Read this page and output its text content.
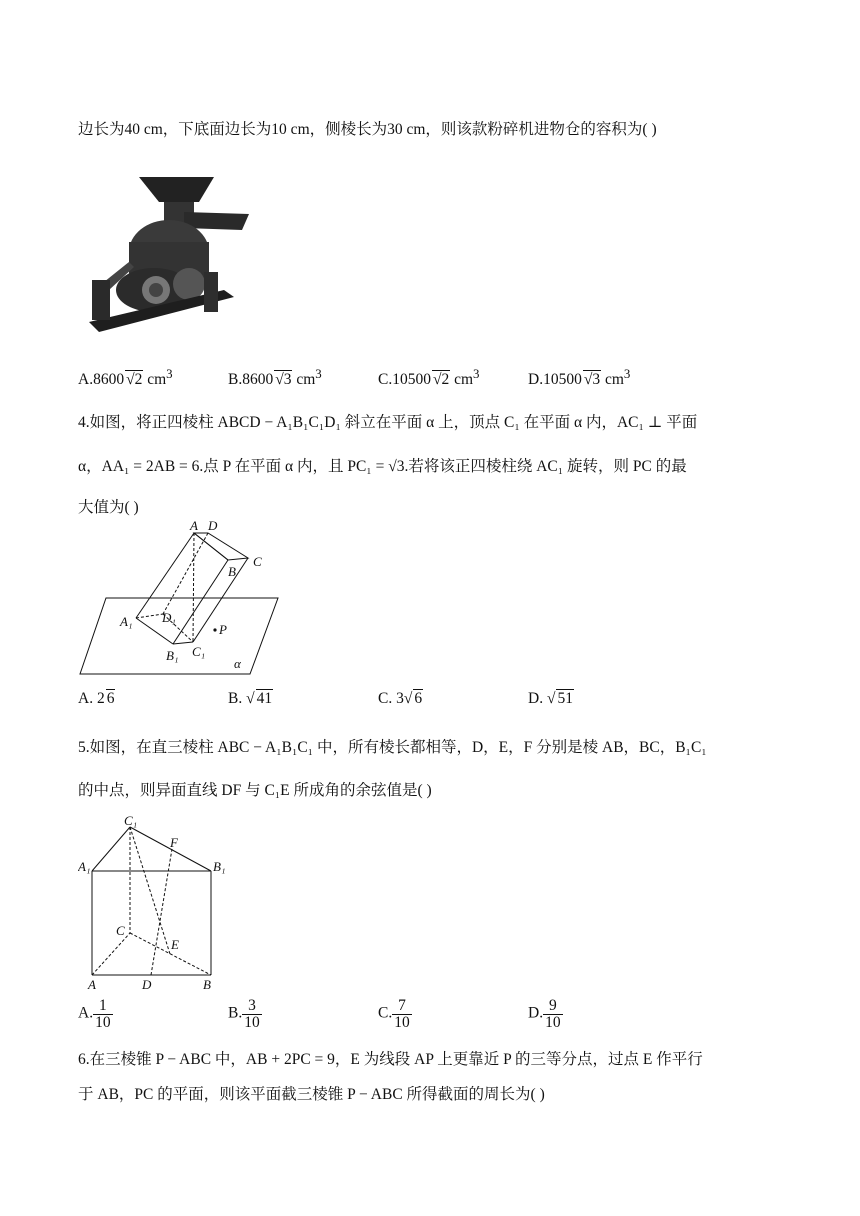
边长为40 cm，下底面边长为10 cm，侧棱长为30 cm，则该款粉碎机进物仓的容积为( )
A.8600 √2 $cm^3$	B.8600 √3 $cm^3$	C.10500 √2 $cm^3$	D.10500 √3 $cm^3$
4.如图，将正四棱柱 ABCD − A₁B₁C₁D₁ 斜立在平面 α 上，顶点 C₁ 在平面 α 内，AC₁ ⊥ 平面
α，AA₁ = 2AB = 6.点 P 在平面 α 内，且 PC₁ = √3.若将该正四棱柱绕 AC₁ 旋转，则 PC 的最
大值为( )
A D
C
B
A₁ D₁
P
B₁ C₁
α
A. 2 6	B. √ 41	C. 3√ 6	D. √ 51
5.如图，在直三棱柱 ABC − A₁B₁C₁ 中，所有棱长都相等，D，E，F 分别是棱 AB，BC，B₁C₁
的中点，则异面直线 DF 与 C₁E 所成角的余弦值是( )
C₁
F
A₁	B₁
C
E
A	D	B
A. $\frac{1}{10}$	B. $\frac{3}{10}$	C. $\frac{7}{10}$	D. $\frac{9}{10}$
6.在三棱锥 P − ABC 中，AB + 2PC = 9，E 为线段 AP 上更靠近 P 的三等分点，过点 E 作平行
于 AB，PC 的平面，则该平面截三棱锥 P − ABC 所得截面的周长为( )
